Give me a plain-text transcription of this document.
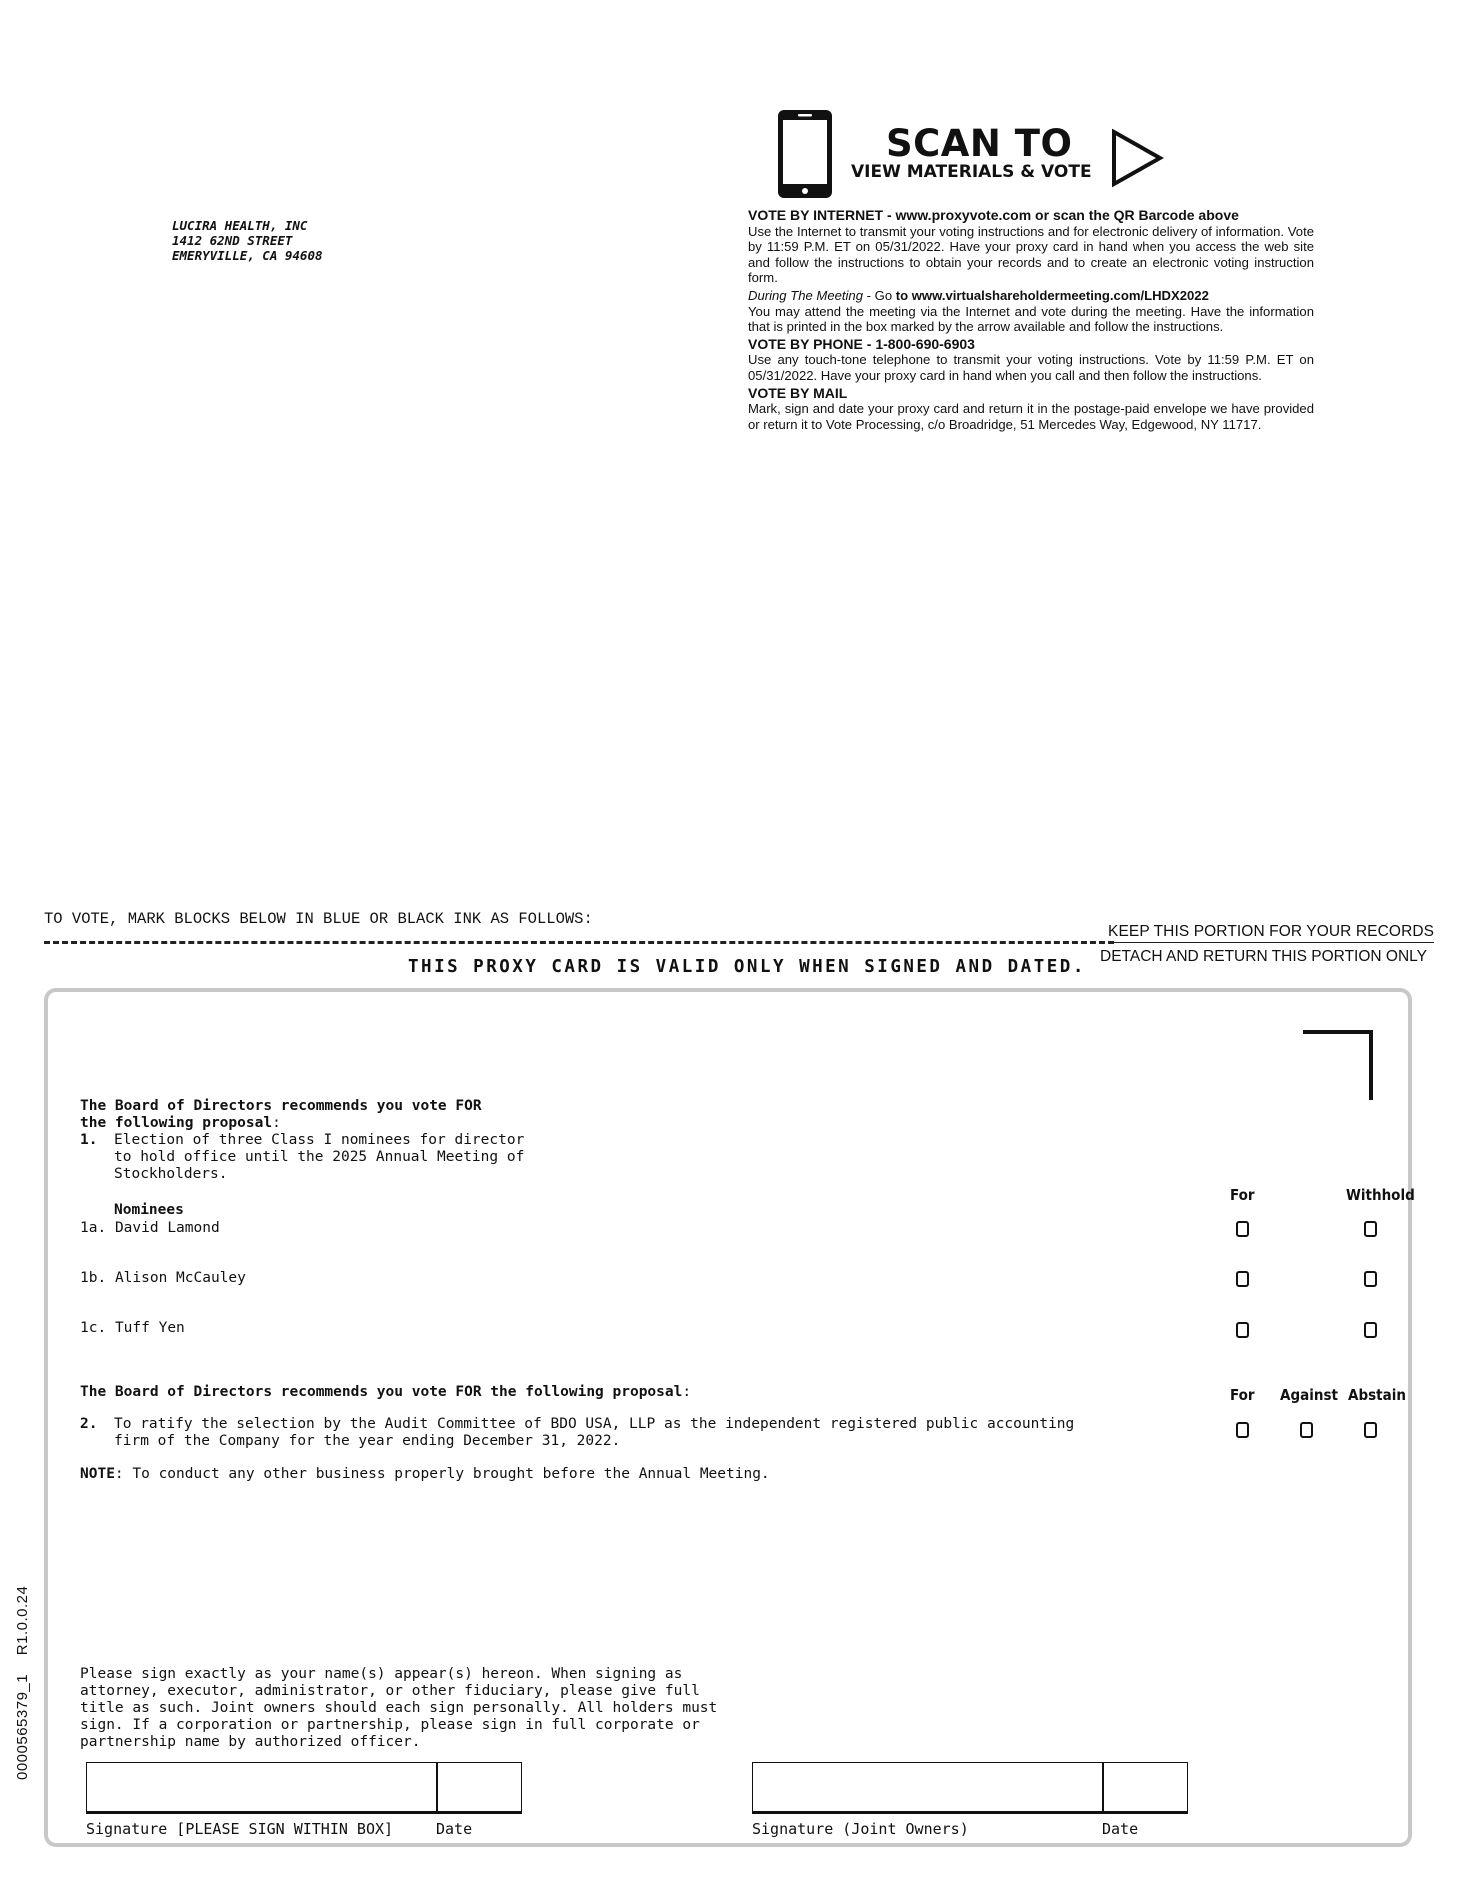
LUCIRA HEALTH, INC
1412 62ND STREET
EMERYVILLE, CA 94608
SCAN TO
VIEW MATERIALS & VOTE
VOTE BY INTERNET - www.proxyvote.com or scan the QR Barcode above

Use the Internet to transmit your voting instructions and for electronic delivery of information. Vote by 11:59 P.M. ET on 05/31/2022. Have your proxy card in hand when you access the web site and follow the instructions to obtain your records and to create an electronic voting instruction form.

During The Meeting - Go to www.virtualshareholdermeeting.com/LHDX2022

You may attend the meeting via the Internet and vote during the meeting. Have the information that is printed in the box marked by the arrow available and follow the instructions.

VOTE BY PHONE - 1-800-690-6903

Use any touch-tone telephone to transmit your voting instructions. Vote by 11:59 P.M. ET on 05/31/2022. Have your proxy card in hand when you call and then follow the instructions.

VOTE BY MAIL

Mark, sign and date your proxy card and return it in the postage-paid envelope we have provided or return it to Vote Processing, c/o Broadridge, 51 Mercedes Way, Edgewood, NY 11717.

TO VOTE, MARK BLOCKS BELOW IN BLUE OR BLACK INK AS FOLLOWS:
KEEP THIS PORTION FOR YOUR RECORDS
DETACH AND RETURN THIS PORTION ONLY
THIS PROXY CARD IS VALID ONLY WHEN SIGNED AND DATED.
The Board of Directors recommends you vote FOR
the following proposal:
1. Election of three Class I nominees for director
to hold office until the 2025 Annual Meeting of
Stockholders.
Nominees
For	Withhold
1a. David Lamond
1b. Alison McCauley
1c. Tuff Yen
The Board of Directors recommends you vote FOR the following proposal:	For Against Abstain
2. To ratify the selection by the Audit Committee of BDO USA, LLP as the independent registered public accounting
firm of the Company for the year ending December 31, 2022.
NOTE: To conduct any other business properly brought before the Annual Meeting.
Please sign exactly as your name(s) appear(s) hereon. When signing as
attorney, executor, administrator, or other fiduciary, please give full
title as such. Joint owners should each sign personally. All holders must
sign. If a corporation or partnership, please sign in full corporate or
partnership name by authorized officer.
Signature [PLEASE SIGN WITHIN BOX]	Date	Signature (Joint Owners)	Date
0000565379_1    R1.0.0.24
